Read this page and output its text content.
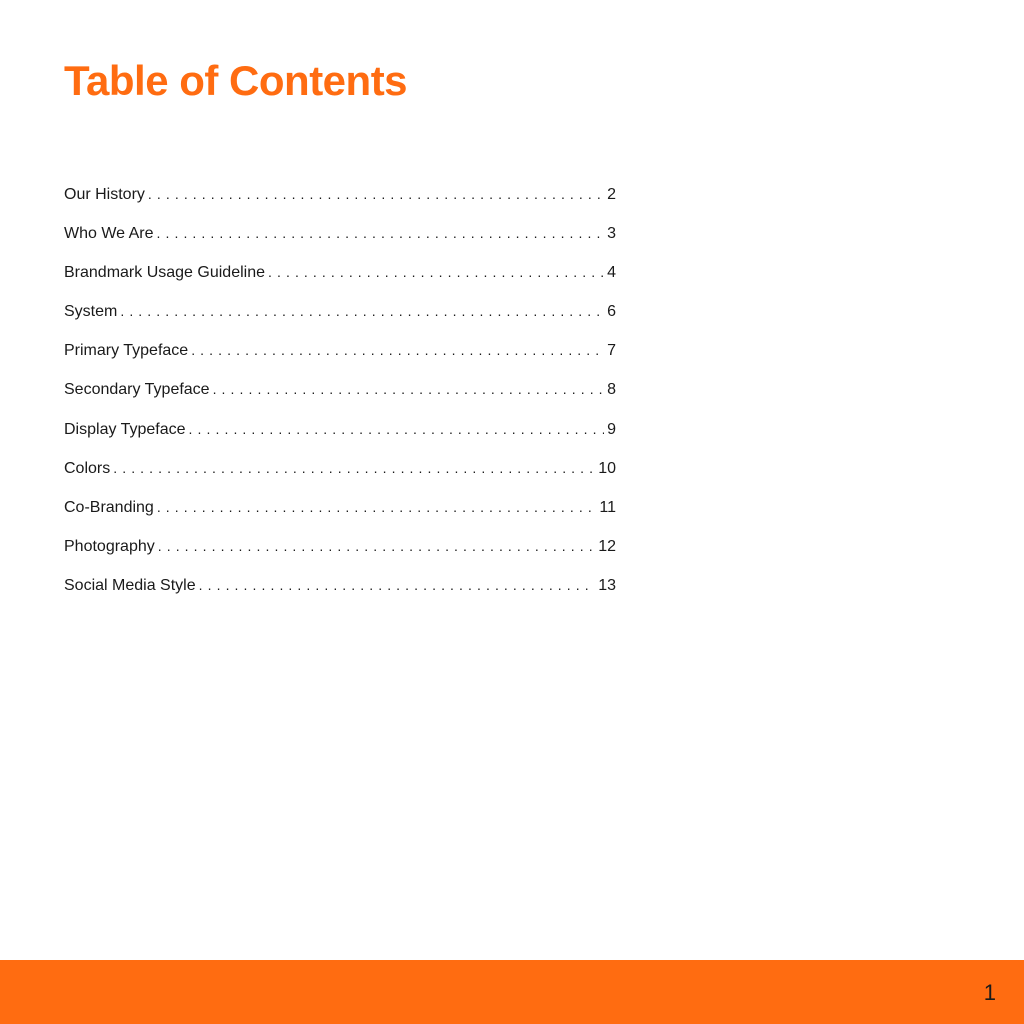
Table of Contents
Our History . . .	2
Who We Are . . .	3
Brandmark Usage Guideline . . .	4
System . . .	6
Primary Typeface . . .	7
Secondary Typeface . . .	8
Display Typeface . . .	9
Colors . . .	10
Co-Branding . . .	11
Photography . . .	12
Social Media Style . . .	13
1
